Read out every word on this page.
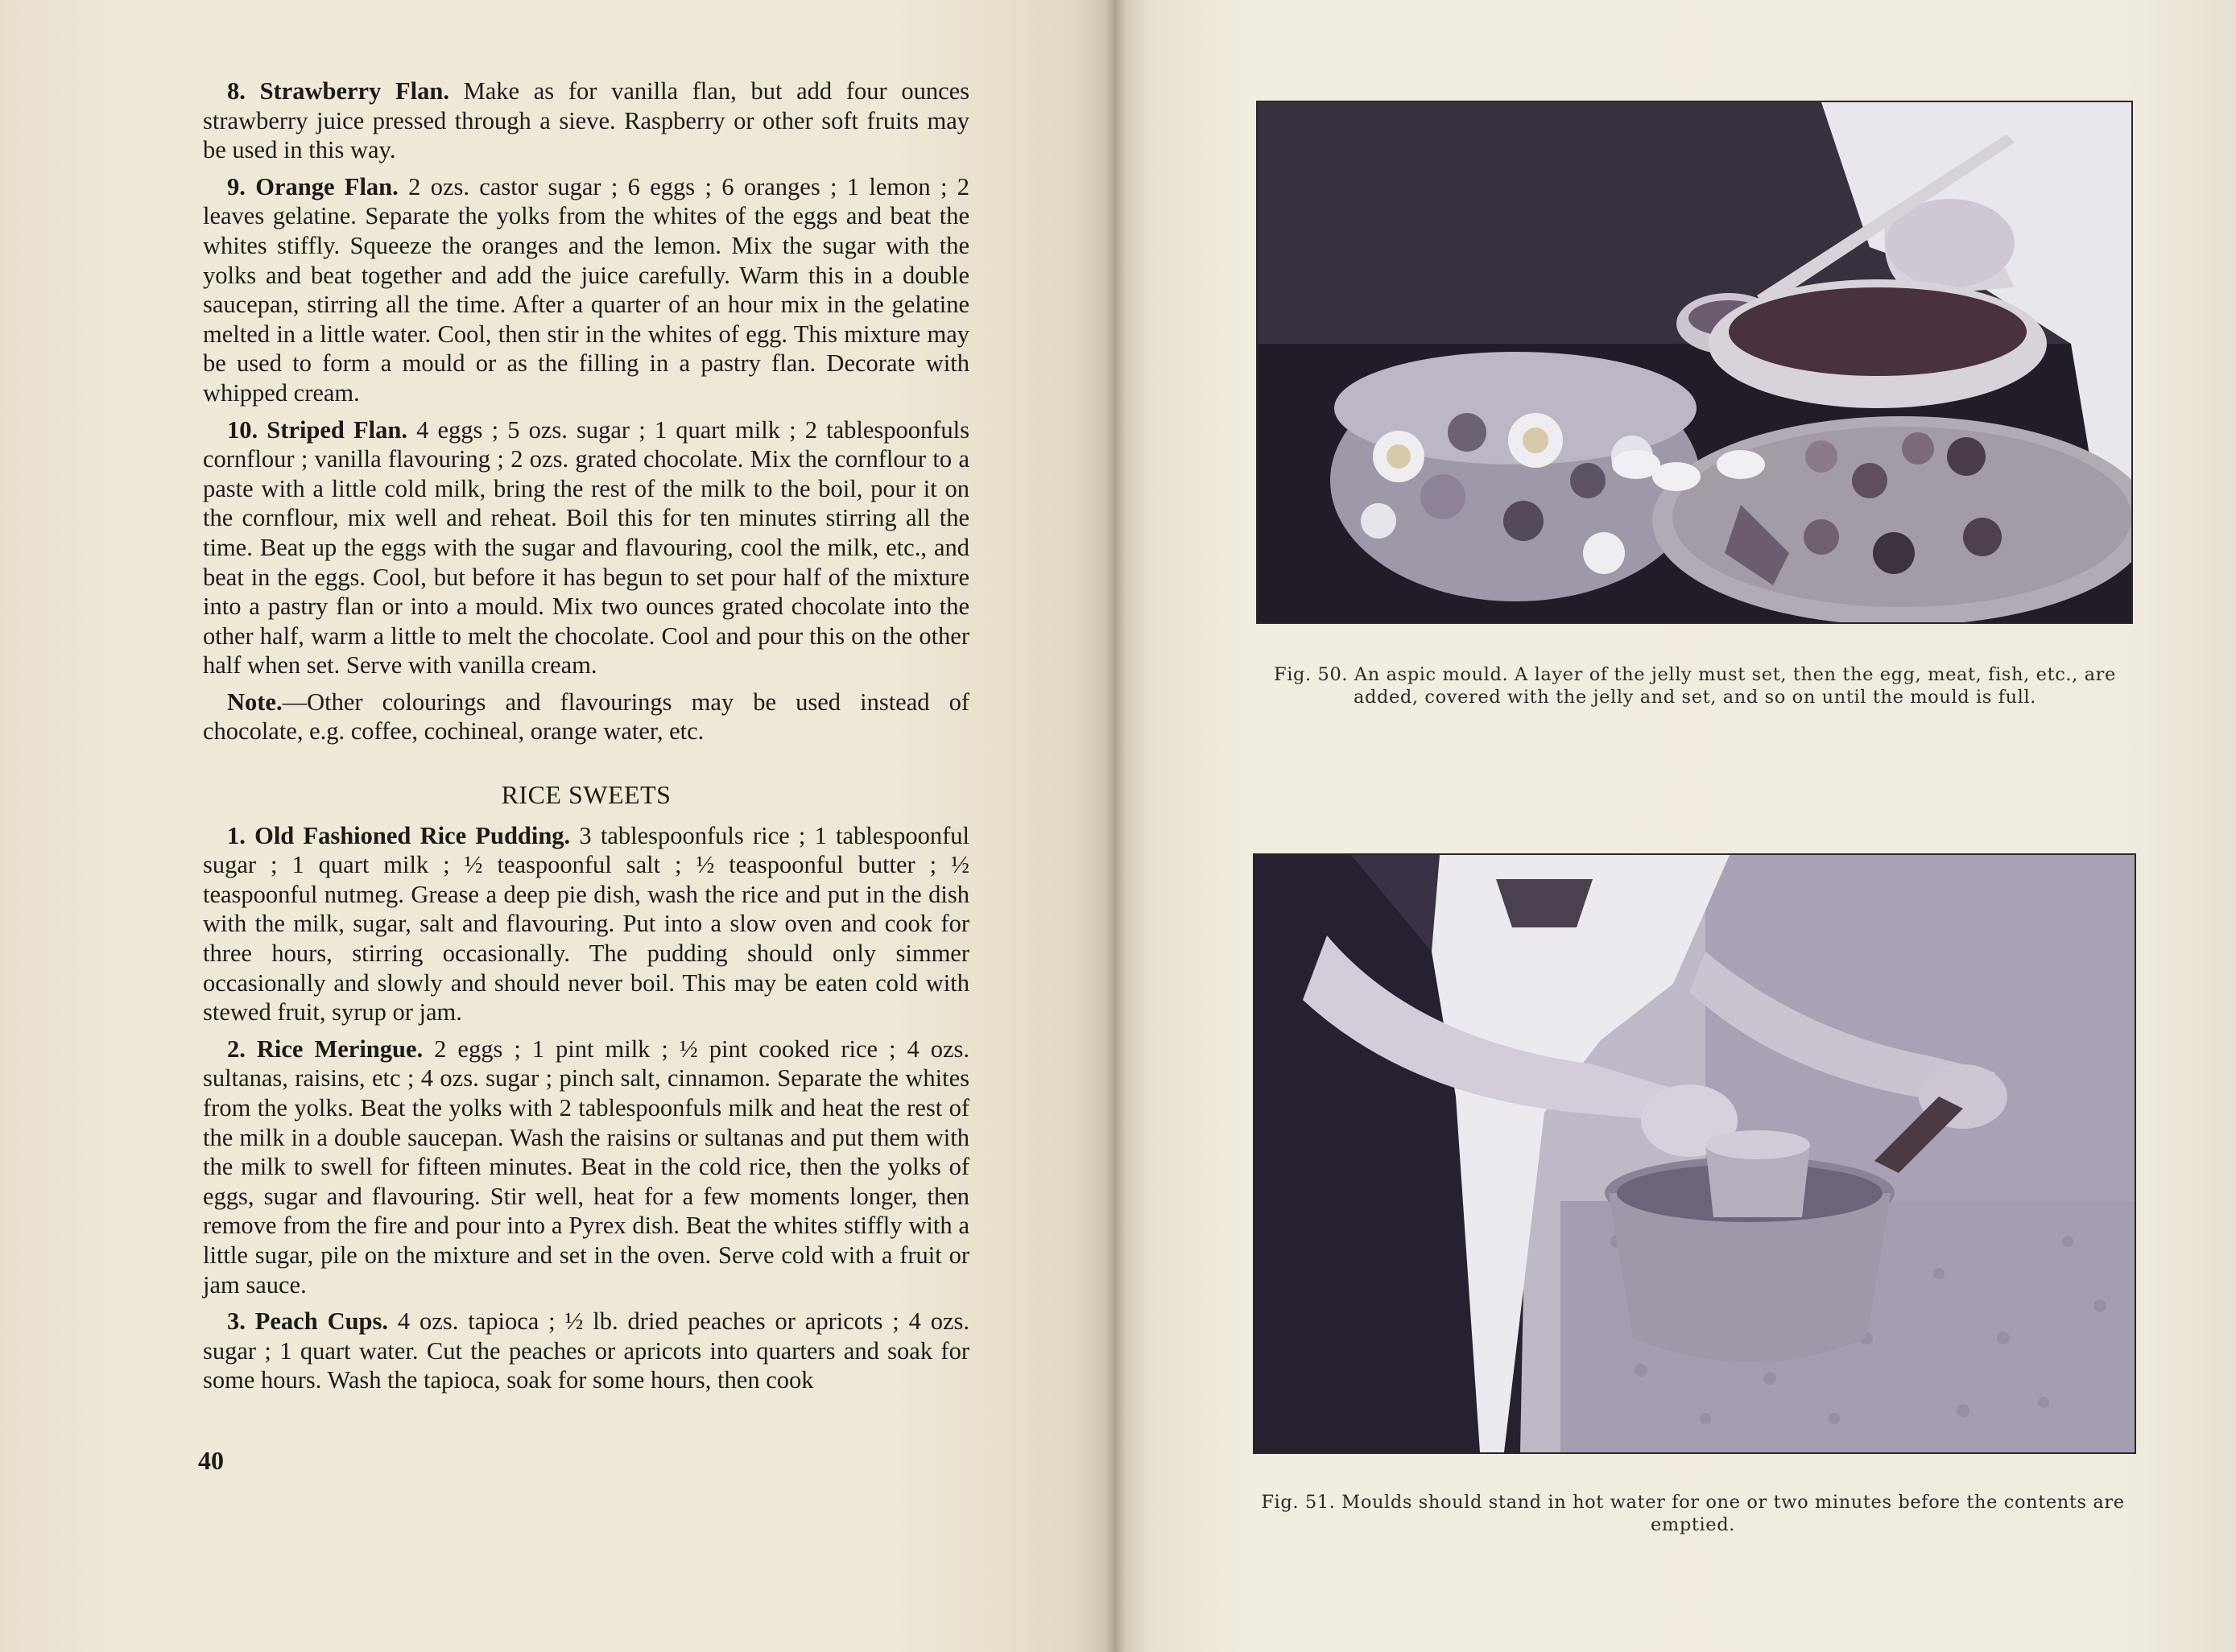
8. Strawberry Flan. Make as for vanilla flan, but add four ounces strawberry juice pressed through a sieve. Raspberry or other soft fruits may be used in this way.

9. Orange Flan. 2 ozs. castor sugar ; 6 eggs ; 6 oranges ; 1 lemon ; 2 leaves gelatine. Separate the yolks from the whites of the eggs and beat the whites stiffly. Squeeze the oranges and the lemon. Mix the sugar with the yolks and beat together and add the juice carefully. Warm this in a double saucepan, stirring all the time. After a quarter of an hour mix in the gelatine melted in a little water. Cool, then stir in the whites of egg. This mixture may be used to form a mould or as the filling in a pastry flan. Decorate with whipped cream.

10. Striped Flan. 4 eggs ; 5 ozs. sugar ; 1 quart milk ; 2 tablespoonfuls cornflour ; vanilla flavouring ; 2 ozs. grated chocolate. Mix the cornflour to a paste with a little cold milk, bring the rest of the milk to the boil, pour it on the cornflour, mix well and reheat. Boil this for ten minutes stirring all the time. Beat up the eggs with the sugar and flavouring, cool the milk, etc., and beat in the eggs. Cool, but before it has begun to set pour half of the mixture into a pastry flan or into a mould. Mix two ounces grated chocolate into the other half, warm a little to melt the chocolate. Cool and pour this on the other half when set. Serve with vanilla cream.

Note.—Other colourings and flavourings may be used instead of chocolate, e.g. coffee, cochineal, orange water, etc.

RICE SWEETS

1. Old Fashioned Rice Pudding. 3 tablespoonfuls rice ; 1 tablespoonful sugar ; 1 quart milk ; ½ teaspoonful salt ; ½ teaspoonful butter ; ½ teaspoonful nutmeg. Grease a deep pie dish, wash the rice and put in the dish with the milk, sugar, salt and flavouring. Put into a slow oven and cook for three hours, stirring occasionally. The pudding should only simmer occasionally and slowly and should never boil. This may be eaten cold with stewed fruit, syrup or jam.

2. Rice Meringue. 2 eggs ; 1 pint milk ; ½ pint cooked rice ; 4 ozs. sultanas, raisins, etc ; 4 ozs. sugar ; pinch salt, cinnamon. Separate the whites from the yolks. Beat the yolks with 2 tablespoonfuls milk and heat the rest of the milk in a double saucepan. Wash the raisins or sultanas and put them with the milk to swell for fifteen minutes. Beat in the cold rice, then the yolks of eggs, sugar and flavouring. Stir well, heat for a few moments longer, then remove from the fire and pour into a Pyrex dish. Beat the whites stiffly with a little sugar, pile on the mixture and set in the oven. Serve cold with a fruit or jam sauce.

3. Peach Cups. 4 ozs. tapioca ; ½ lb. dried peaches or apricots ; 4 ozs. sugar ; 1 quart water. Cut the peaches or apricots into quarters and soak for some hours. Wash the tapioca, soak for some hours, then cook

40
Fig. 50. An aspic mould. A layer of the jelly must set, then the egg, meat, fish, etc., are added, covered with the jelly and set, and so on until the mould is full.
Fig. 51. Moulds should stand in hot water for one or two minutes before the contents are emptied.
